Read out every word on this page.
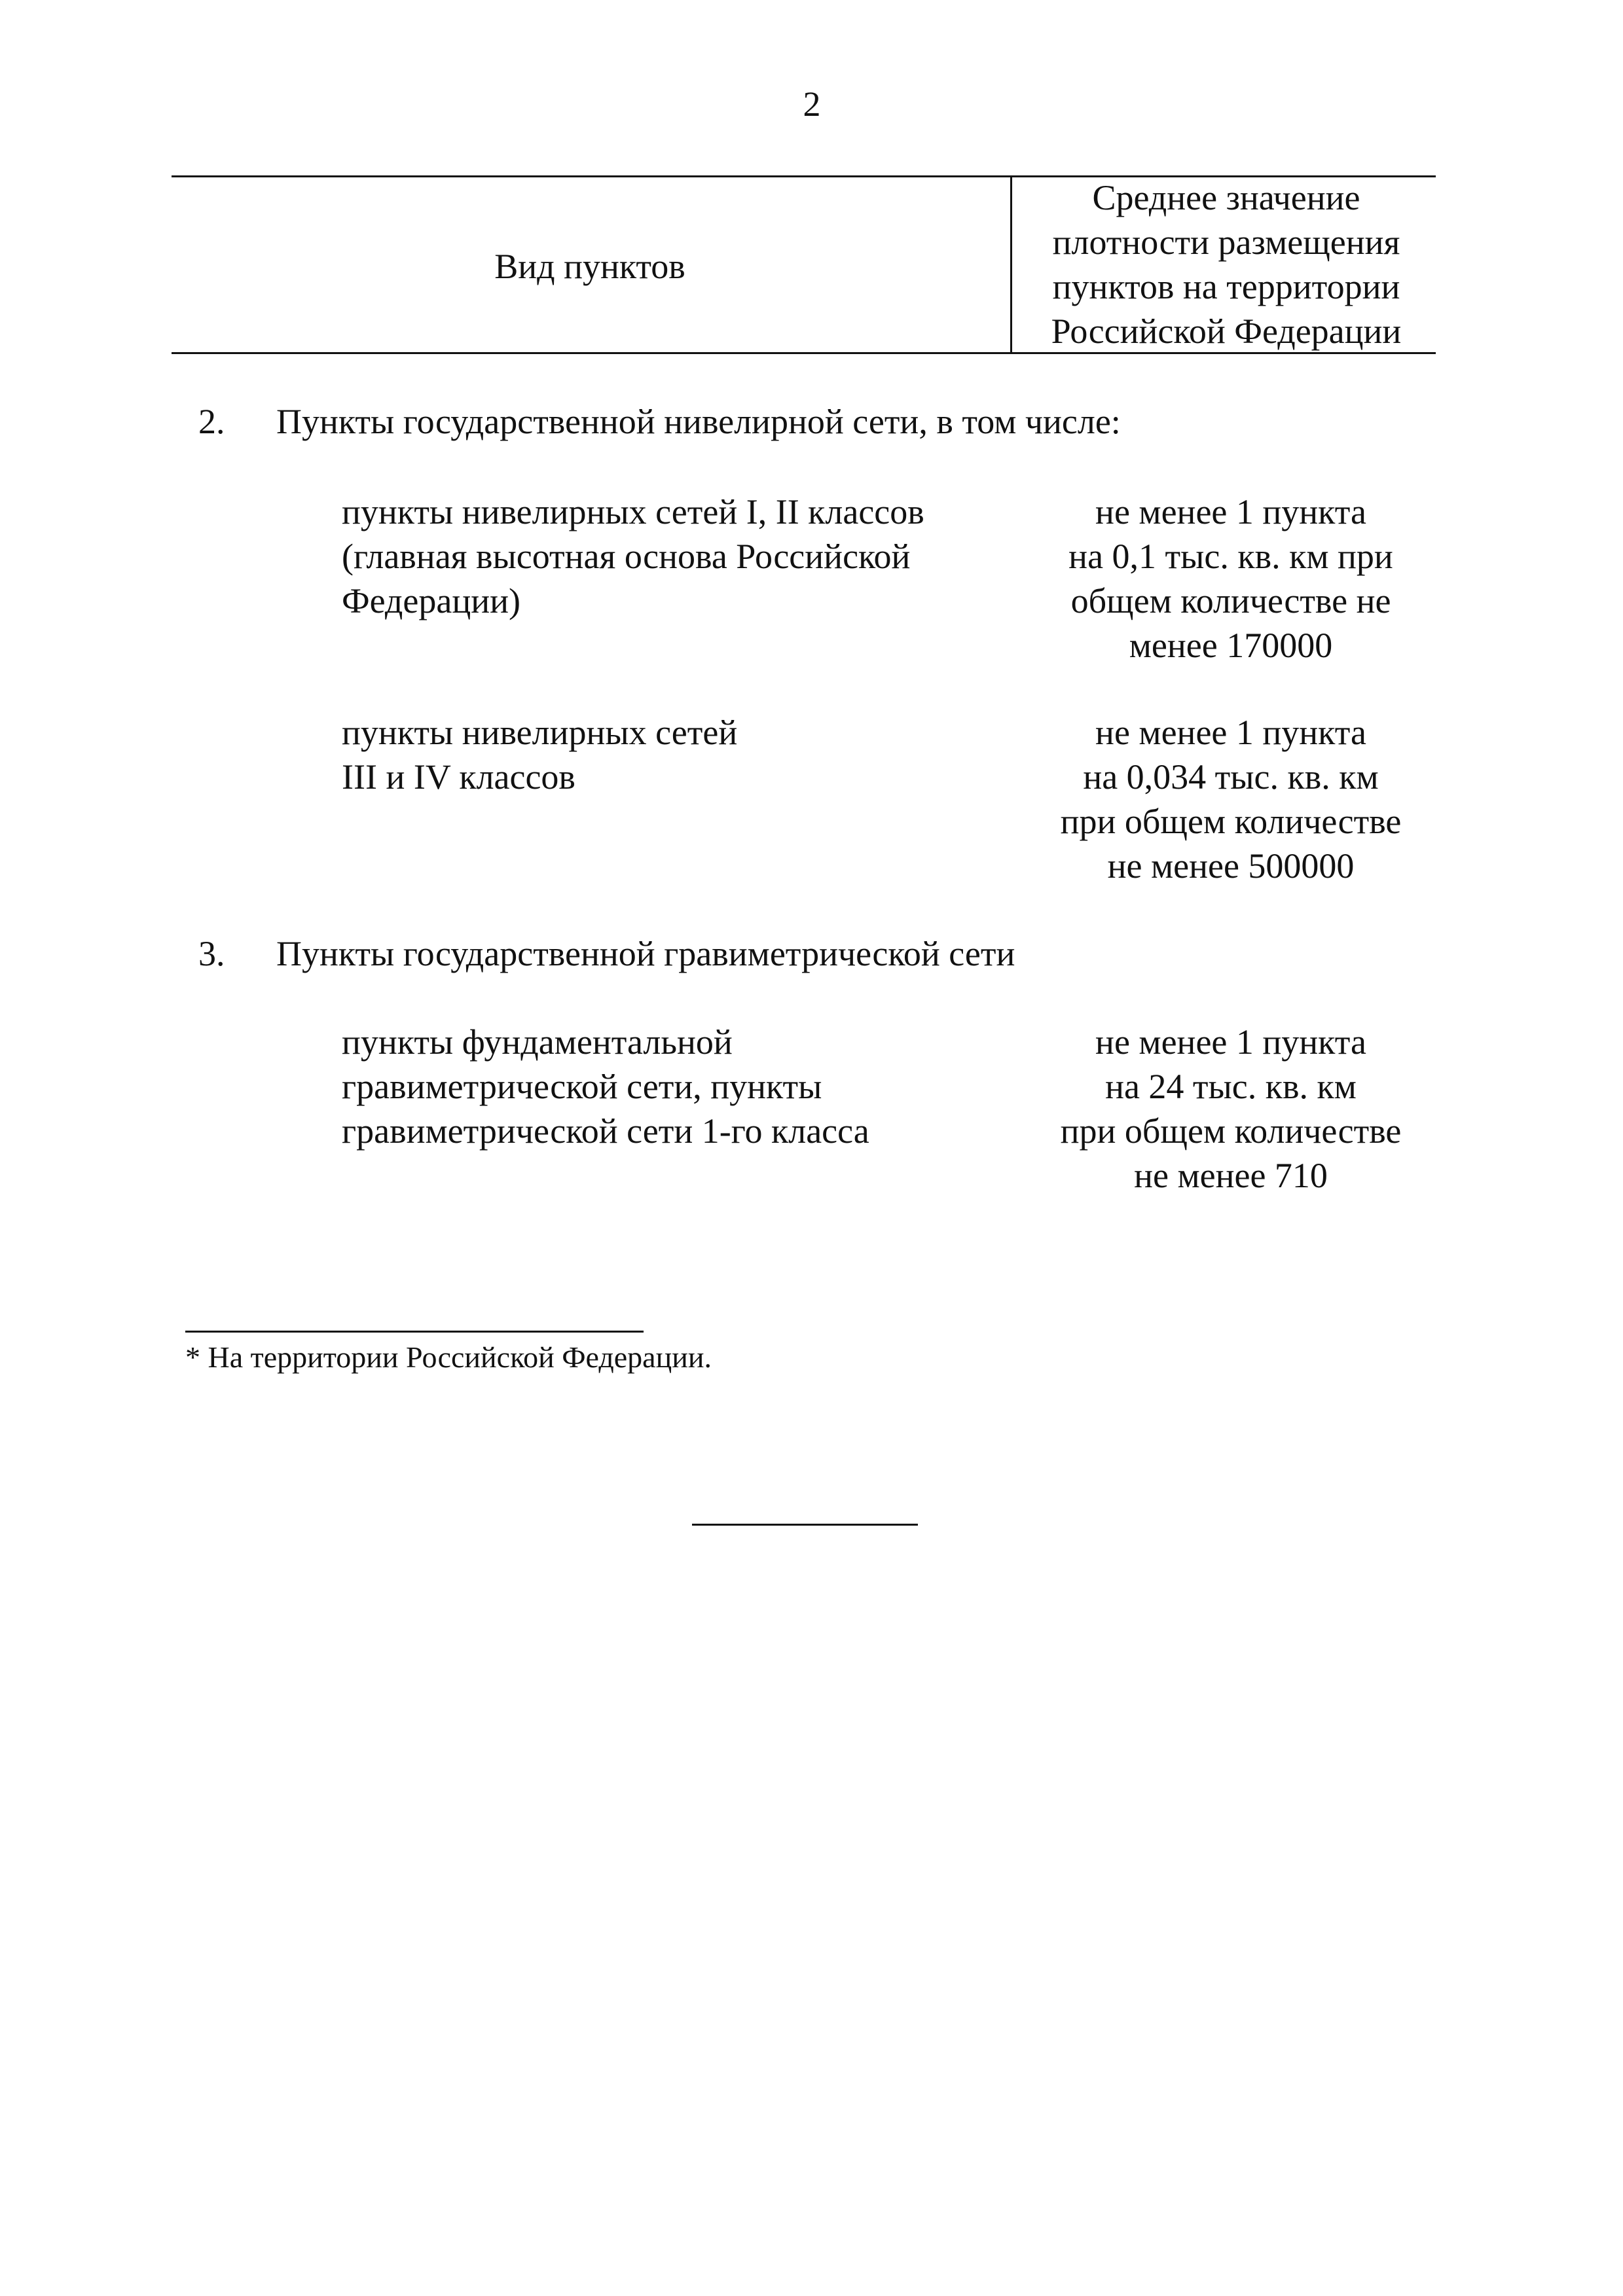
2
Вид пунктов
Среднее значение
плотности размещения
пунктов на территории
Российской Федерации
2. Пункты государственной нивелирной сети, в том числе:
пункты нивелирных сетей I, II классов
(главная высотная основа Российской
Федерации)
не менее 1 пункта
на 0,1 тыс. кв. км при
общем количестве не
менее 170000
пункты нивелирных сетей
III и IV классов
не менее 1 пункта
на 0,034 тыс. кв. км
при общем количестве
не менее 500000
3. Пункты государственной гравиметрической сети
пункты фундаментальной
гравиметрической сети, пункты
гравиметрической сети 1-го класса
не менее 1 пункта
на 24 тыс. кв. км
при общем количестве
не менее 710
* На территории Российской Федерации.
